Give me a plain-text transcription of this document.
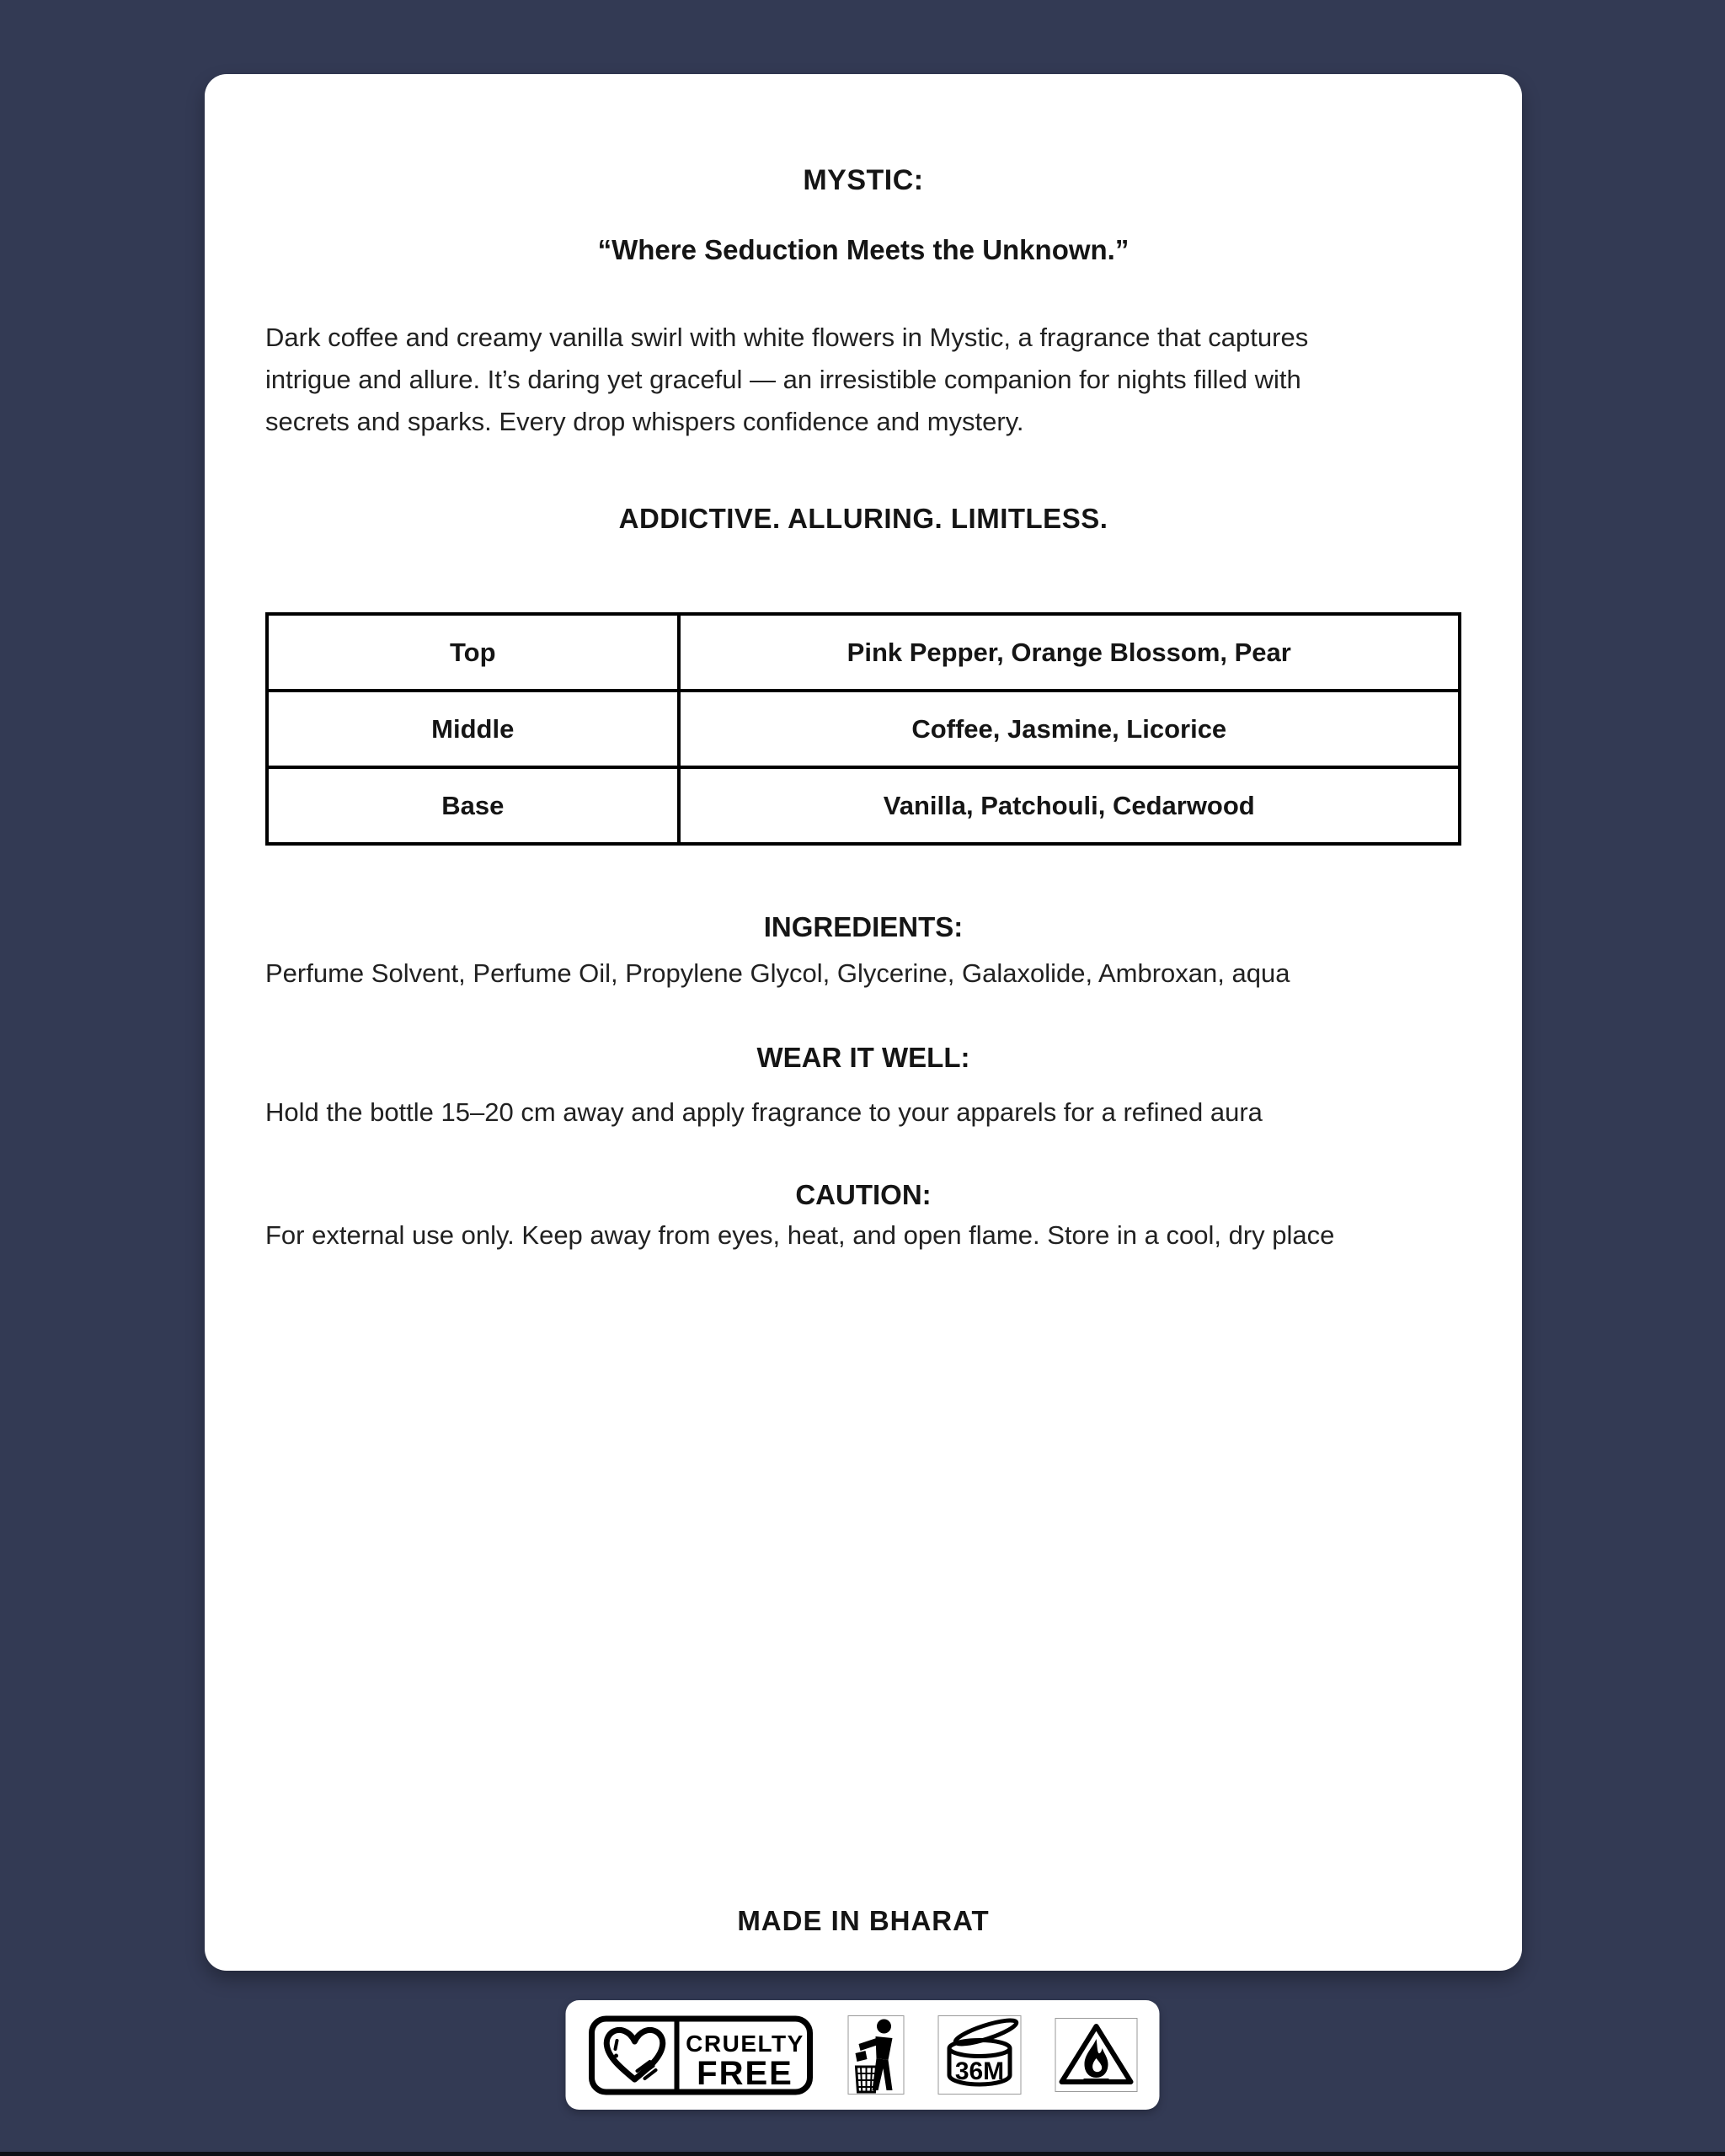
MYSTIC:
“Where Seduction Meets the Unknown.”
Dark coffee and creamy vanilla swirl with white flowers in Mystic, a fragrance that captures
intrigue and allure. It’s daring yet graceful — an irresistible companion for nights filled with
secrets and sparks. Every drop whispers confidence and mystery.
ADDICTIVE. ALLURING. LIMITLESS.
Top	Pink Pepper, Orange Blossom, Pear
Middle	Coffee, Jasmine, Licorice
Base	Vanilla, Patchouli, Cedarwood
INGREDIENTS:
Perfume Solvent, Perfume Oil, Propylene Glycol, Glycerine, Galaxolide, Ambroxan, aqua
WEAR IT WELL:
Hold the bottle 15–20 cm away and apply fragrance to your apparels for a refined aura
CAUTION:
For external use only. Keep away from eyes, heat, and open flame. Store in a cool, dry place
MADE IN BHARAT
CRUELTY
FREE	36M
